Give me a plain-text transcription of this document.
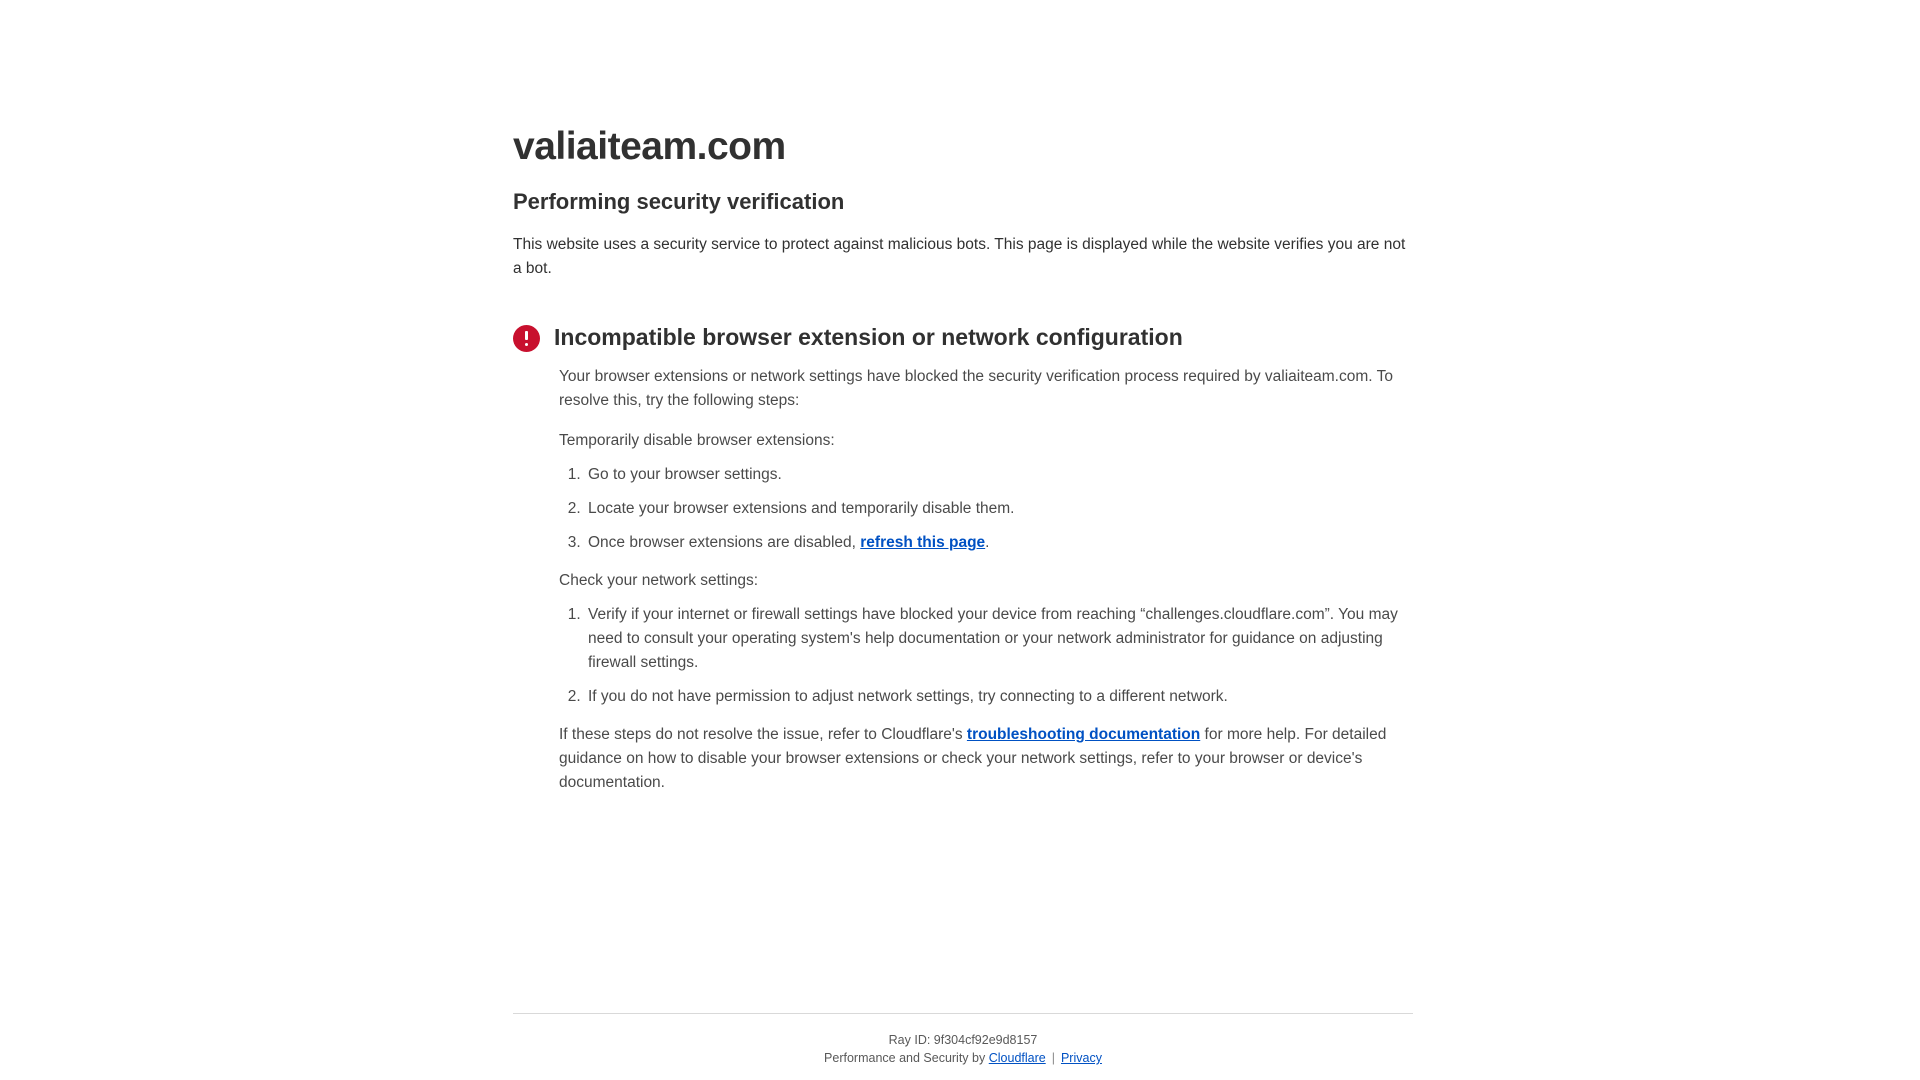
valiaiteam.com
Performing security verification

This website uses a security service to protect against malicious bots. This page is displayed while the website verifies you are not a bot.

Incompatible browser extension or network configuration

Your browser extensions or network settings have blocked the security verification process required by valiaiteam.com. To resolve this, try the following steps:

Temporarily disable browser extensions:

1. Go to your browser settings.
2. Locate your browser extensions and temporarily disable them.
3. Once browser extensions are disabled, refresh this page.

Check your network settings:

1. Verify if your internet or firewall settings have blocked your device from reaching “challenges.cloudflare.com”. You may need to consult your operating system's help documentation or your network administrator for guidance on adjusting firewall settings.
2. If you do not have permission to adjust network settings, try connecting to a different network.

If these steps do not resolve the issue, refer to Cloudflare's troubleshooting documentation for more help. For detailed guidance on how to disable your browser extensions or check your network settings, refer to your browser or device's documentation.

Ray ID: 9f304cf92e9d8157
Performance and Security by Cloudflare | Privacy
